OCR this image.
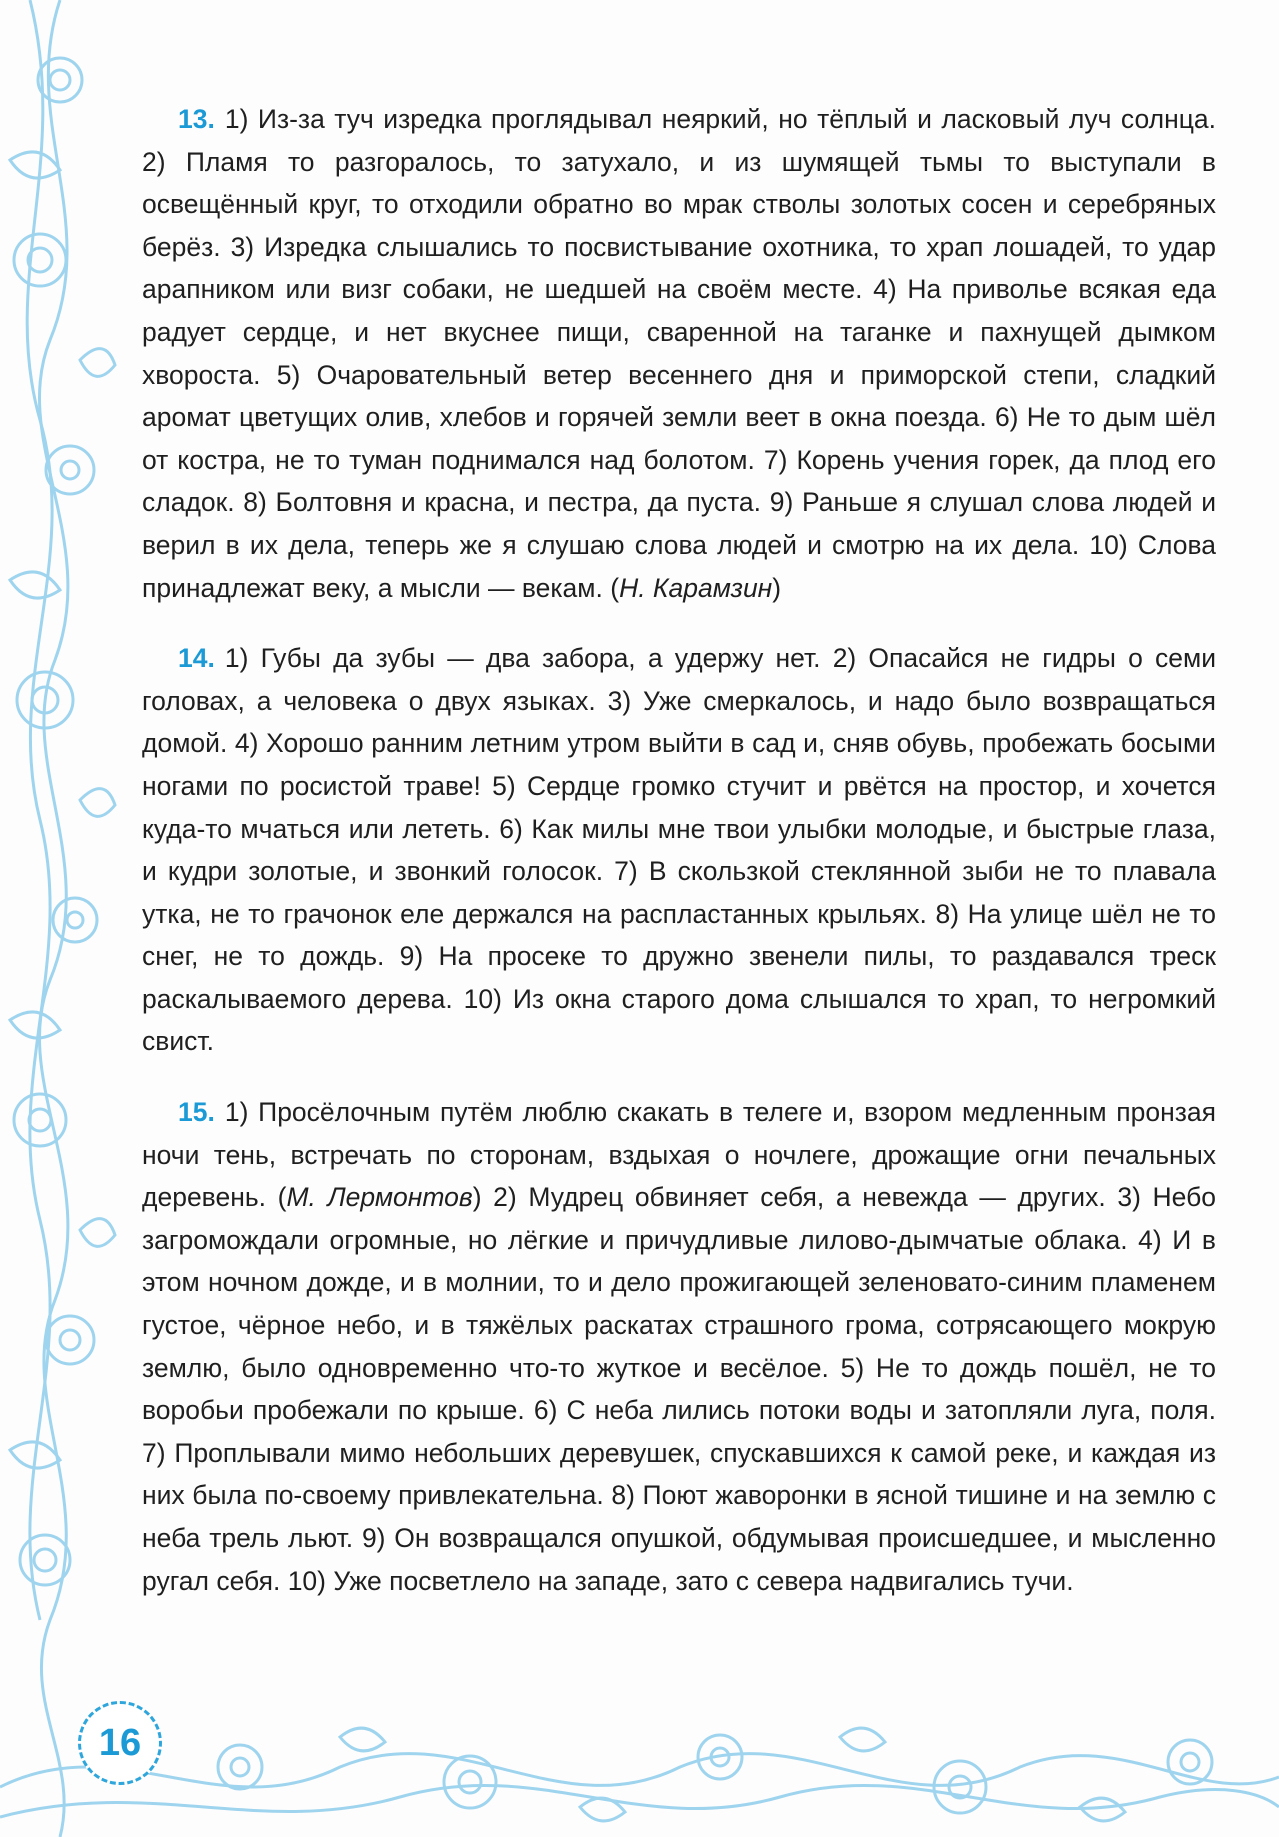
13. 1) Из-за туч изредка проглядывал неяркий, но тёплый и ласковый луч солнца. 2) Пламя то разгоралось, то затухало, и из шумящей тьмы то выступали в освещённый круг, то отходили обратно во мрак стволы золотых сосен и серебряных берёз. 3) Изредка слышались то посвистывание охотника, то храп лошадей, то удар арапником или визг собаки, не шедшей на своём месте. 4) На приволье всякая еда радует сердце, и нет вкуснее пищи, сваренной на таганке и пахнущей дымком хвороста. 5) Очаровательный ветер весеннего дня и приморской степи, сладкий аромат цветущих олив, хлебов и горячей земли веет в окна поезда. 6) Не то дым шёл от костра, не то туман поднимался над болотом. 7) Корень учения горек, да плод его сладок. 8) Болтовня и красна, и пестра, да пуста. 9) Раньше я слушал слова людей и верил в их дела, теперь же я слушаю слова людей и смотрю на их дела. 10) Слова принадлежат веку, а мысли — векам. (Н. Карамзин)

14. 1) Губы да зубы — два забора, а удержу нет. 2) Опасайся не гидры о семи головах, а человека о двух языках. 3) Уже смеркалось, и надо было возвращаться домой. 4) Хорошо ранним летним утром выйти в сад и, сняв обувь, пробежать босыми ногами по росистой траве! 5) Сердце громко стучит и рвётся на простор, и хочется куда-то мчаться или лететь. 6) Как милы мне твои улыбки молодые, и быстрые глаза, и кудри золотые, и звонкий голосок. 7) В скользкой стеклянной зыби не то плавала утка, не то грачонок еле держался на распластанных крыльях. 8) На улице шёл не то снег, не то дождь. 9) На просеке то дружно звенели пилы, то раздавался треск раскалываемого дерева. 10) Из окна старого дома слышался то храп, то негромкий свист.

15. 1) Просёлочным путём люблю скакать в телеге и, взором медленным пронзая ночи тень, встречать по сторонам, вздыхая о ночлеге, дрожащие огни печальных деревень. (М. Лермонтов) 2) Мудрец обвиняет себя, а невежда — других. 3) Небо загромождали огромные, но лёгкие и причудливые лилово-дымчатые облака. 4) И в этом ночном дожде, и в молнии, то и дело прожигающей зеленовато-синим пламенем густое, чёрное небо, и в тяжёлых раскатах страшного грома, сотрясающего мокрую землю, было одновременно что-то жуткое и весёлое. 5) Не то дождь пошёл, не то воробьи пробежали по крыше. 6) С неба лились потоки воды и затопляли луга, поля. 7) Проплывали мимо небольших деревушек, спускавшихся к самой реке, и каждая из них была по-своему привлекательна. 8) Поют жаворонки в ясной тишине и на землю с неба трель льют. 9) Он возвращался опушкой, обдумывая происшедшее, и мысленно ругал себя. 10) Уже посветлело на западе, зато с севера надвигались тучи.

16
